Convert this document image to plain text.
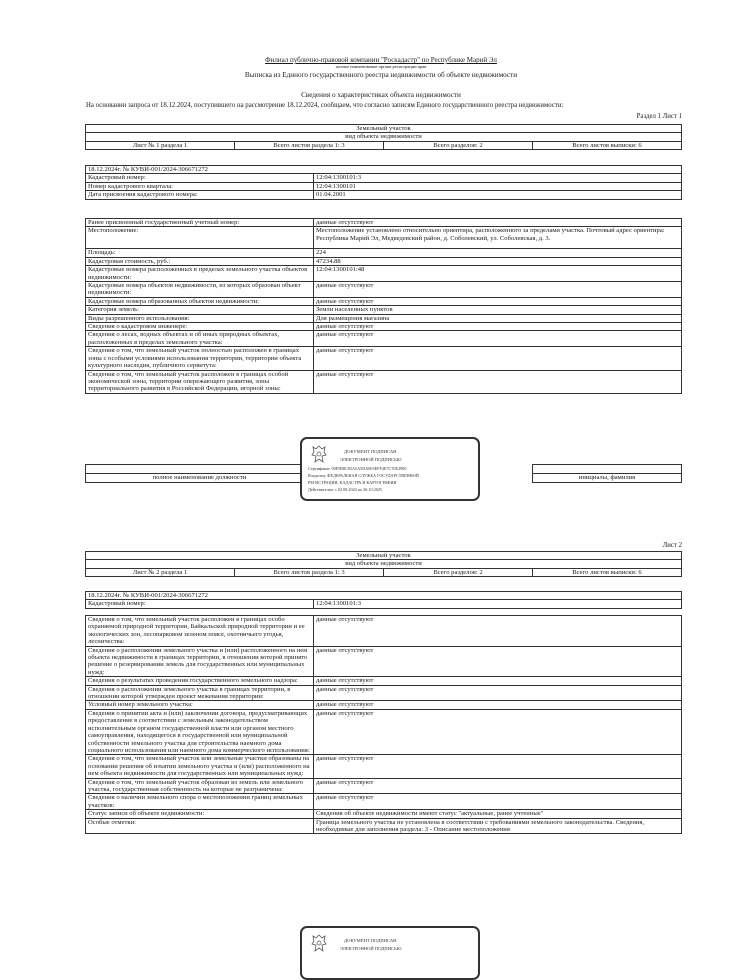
Филиал публично-правовой компании "Роскадастр" по Республике Марий Эл
полное наименование органа регистрации прав
Выписка из Единого государственного реестра недвижимости об объекте недвижимости
Сведения о характеристиках объекта недвижимости
На основании запроса от 18.12.2024, поступившего на рассмотрение 18.12.2024, сообщаем, что согласно записям Единого государственного реестра недвижимости:
Раздел 1 Лист 1
Земельный участок
вид объекта недвижимости
Лист № 1 раздела 1	Всего листов раздела 1: 3	Всего разделов: 2	Всего листов выписки: 6
18.12.2024г. № КУВИ-001/2024-306671272	
Кадастровый номер:	12:04:1300101:3
Номер кадастрового квартала:	12:04:1300101
Дата присвоения кадастрового номера:	01.04.2001
Ранее присвоенный государственный учетный номер:	данные отсутствуют
Местоположение:	Местоположение установлено относительно ориентира, расположенного за пределами участка. Почтовый адрес ориентира: Республика Марий Эл, Медведевский район, д. Соболевский, ул. Соболевская, д. 3.
Площадь:	224
Кадастровая стоимость, руб.:	47234.88
Кадастровые номера расположенных в пределах земельного участка объектов недвижимости:	12:04:1300101:48
Кадастровые номера объектов недвижимости, из которых образован объект недвижимости:	данные отсутствуют
Кадастровые номера образованных объектов недвижимости:	данные отсутствуют
Категория земель:	Земли населенных пунктов
Виды разрешенного использования:	Для размещения магазина
Сведения о кадастровом инженере:	данные отсутствуют
Сведения о лесах, водных объектах и об иных природных объектах, расположенных в пределах земельного участка:	данные отсутствуют
Сведения о том, что земельный участок полностью расположен в границах зоны с особыми условиями использования территории, территории объекта культурного наследия, публичного сервитута:	данные отсутствуют
Сведения о том, что земельный участок расположен в границах особой экономической зоны, территории опережающего развития, зоны территориального развития в Российской Федерации, игорной зоны:	данные отсутствуют

полное наименование должности		инициалы, фамилия
ДОКУМЕНТ ПОДПИСАН
ЭЛЕКТРОННОЙ ПОДПИСЬЮ
Сертификат: 00F5B8C83A5A5DA003EFF4E7C70E2900
Владелец: ФЕДЕРАЛЬНАЯ СЛУЖБА ГОСУДАРСТВЕННОЙ
РЕГИСТРАЦИИ, КАДАСТРА И КАРТОГРАФИИ
Действителен: с 02.08.2024 по 26.10.2025
Лист 2
Земельный участок
вид объекта недвижимости
Лист № 2 раздела 1	Всего листов раздела 1: 3	Всего разделов: 2	Всего листов выписки: 6
18.12.2024г. № КУВИ-001/2024-306671272
Кадастровый номер:	12:04:1300101:3
Сведения о том, что земельный участок расположен в границах особо охраняемой природной территории, Байкальской природной территории и ее экологических зон, лесопарковом зеленом поясе, охотничьего угодья, лесничества:	данные отсутствуют
Сведения о расположении земельного участка и (или) расположенного на нем объекта недвижимости в границах территории, в отношении которой принято решение о резервировании земель для государственных или муниципальных нужд:	данные отсутствуют
Сведения о результатах проведения государственного земельного надзора:	данные отсутствуют
Сведения о расположении земельного участка в границах территории, в отношении которой утвержден проект межевания территории:	данные отсутствуют
Условный номер земельного участка:	данные отсутствуют
Сведения о принятии акта и (или) заключении договора, предусматривающих предоставление в соответствии с земельным законодательством исполнительным органом государственной власти или органом местного самоуправления, находящегося в государственной или муниципальной собственности земельного участка для строительства наемного дома социального использования или наемного дома коммерческого использования:	данные отсутствуют
Сведения о том, что земельный участок или земельные участки образованы на основании решения об изъятии земельного участка и (или) расположенного на нем объекта недвижимости для государственных или муниципальных нужд:	данные отсутствуют
Сведения о том, что земельный участок образован из земель или земельного участка, государственная собственность на которые не разграничена:	данные отсутствуют
Сведения о наличии земельного спора о местоположении границ земельных участков:	данные отсутствуют
Статус записи об объекте недвижимости:	Сведения об объекте недвижимости имеют статус "актуальные, ранее учтенные"
Особые отметки:	Граница земельного участка не установлена в соответствии с требованиями земельного законодательства. Сведения, необходимые для заполнения раздела: 3 - Описание местоположения
ДОКУМЕНТ ПОДПИСАН
ЭЛЕКТРОННОЙ ПОДПИСЬЮ
